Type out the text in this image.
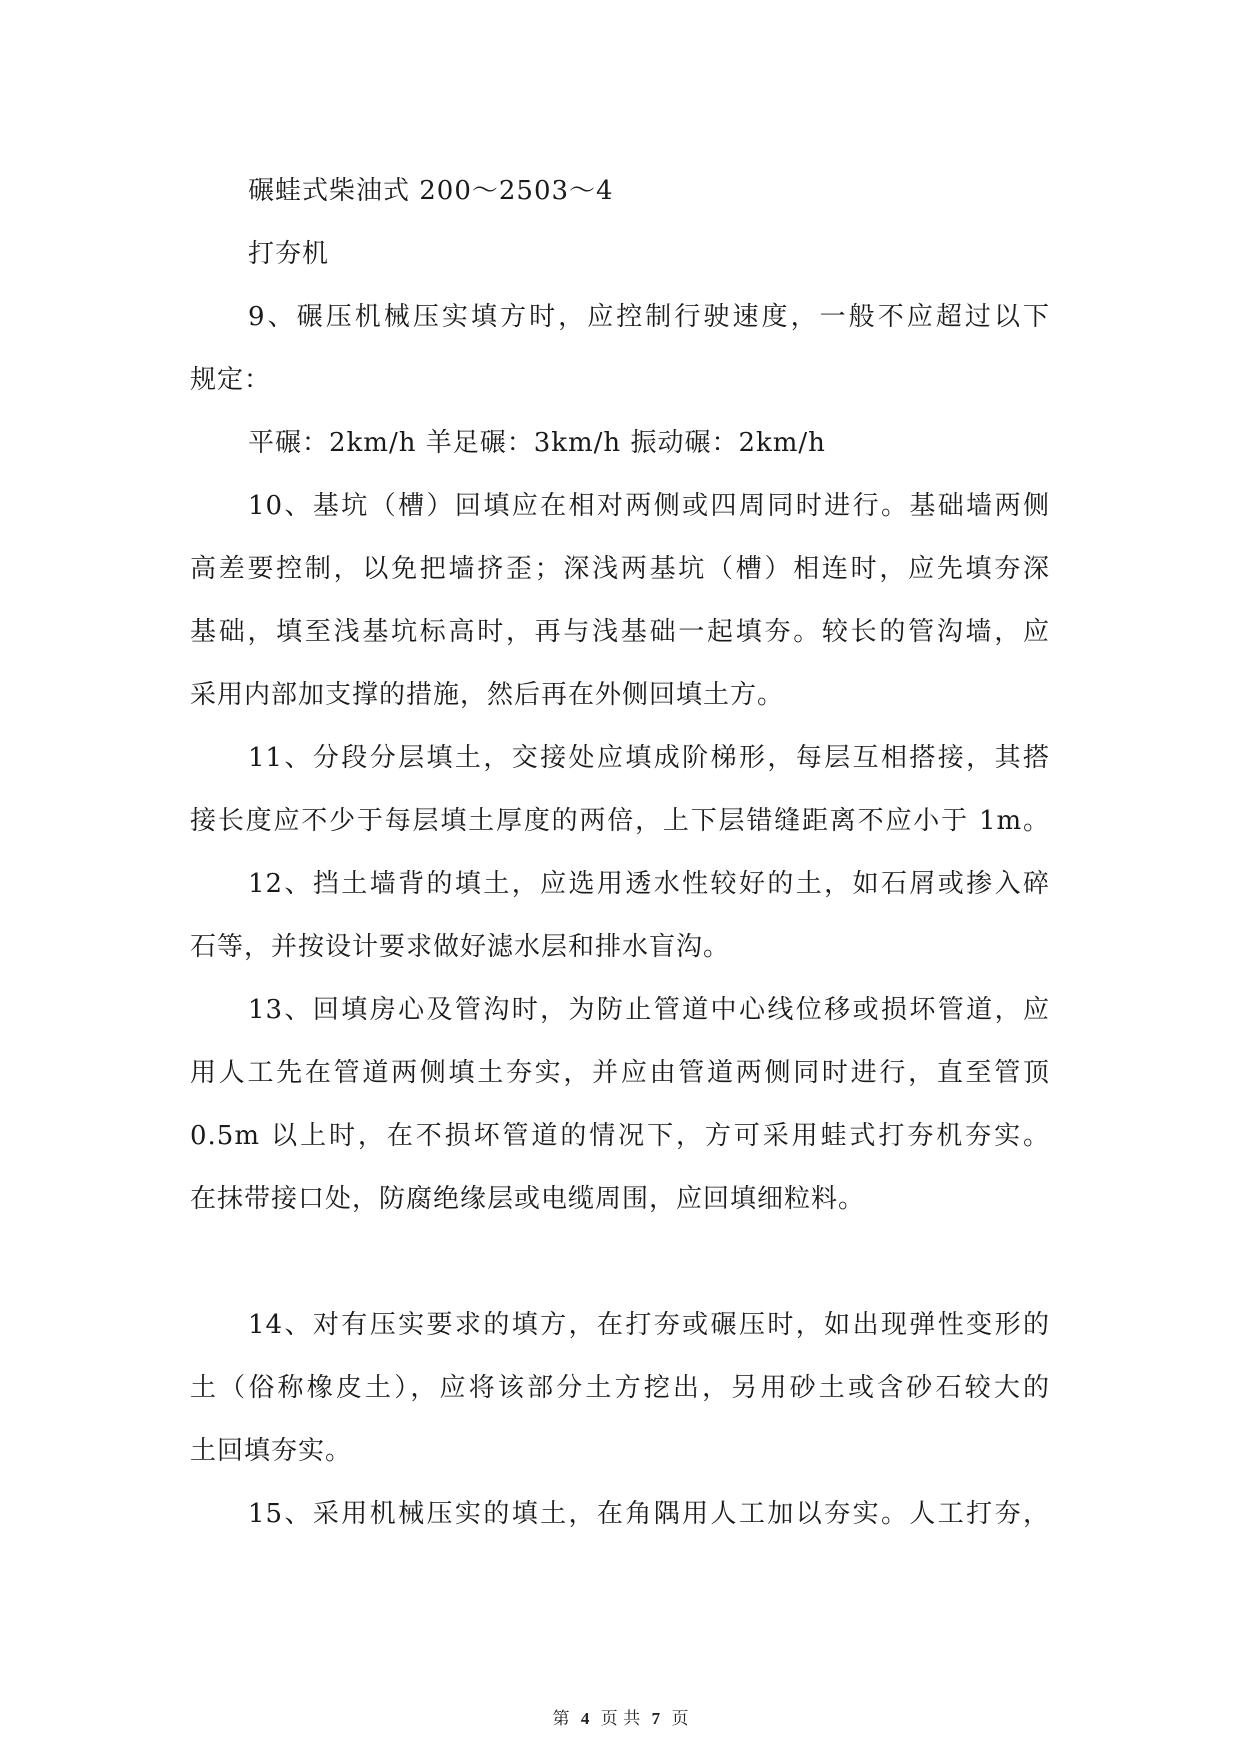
碾蛙式柴油式 200～2503～4
打夯机
9、碾压机械压实填方时，应控制行驶速度，一般不应超过以下
规定：
平碾：2km/h 羊足碾：3km/h 振动碾：2km/h
10、基坑（槽）回填应在相对两侧或四周同时进行。基础墙两侧
高差要控制，以免把墙挤歪；深浅两基坑（槽）相连时，应先填夯深
基础，填至浅基坑标高时，再与浅基础一起填夯。较长的管沟墙，应
采用内部加支撑的措施，然后再在外侧回填土方。
11、分段分层填土，交接处应填成阶梯形，每层互相搭接，其搭
接长度应不少于每层填土厚度的两倍，上下层错缝距离不应小于 1m。
12、挡土墙背的填土，应选用透水性较好的土，如石屑或掺入碎
石等，并按设计要求做好滤水层和排水盲沟。
13、回填房心及管沟时，为防止管道中心线位移或损坏管道，应
用人工先在管道两侧填土夯实，并应由管道两侧同时进行，直至管顶
0.5m 以上时，在不损坏管道的情况下，方可采用蛙式打夯机夯实。
在抹带接口处，防腐绝缘层或电缆周围，应回填细粒料。
14、对有压实要求的填方，在打夯或碾压时，如出现弹性变形的
土（俗称橡皮土），应将该部分土方挖出，另用砂土或含砂石较大的
土回填夯实。
15、采用机械压实的填土，在角隅用人工加以夯实。人工打夯，
第 4 页 共 7 页
